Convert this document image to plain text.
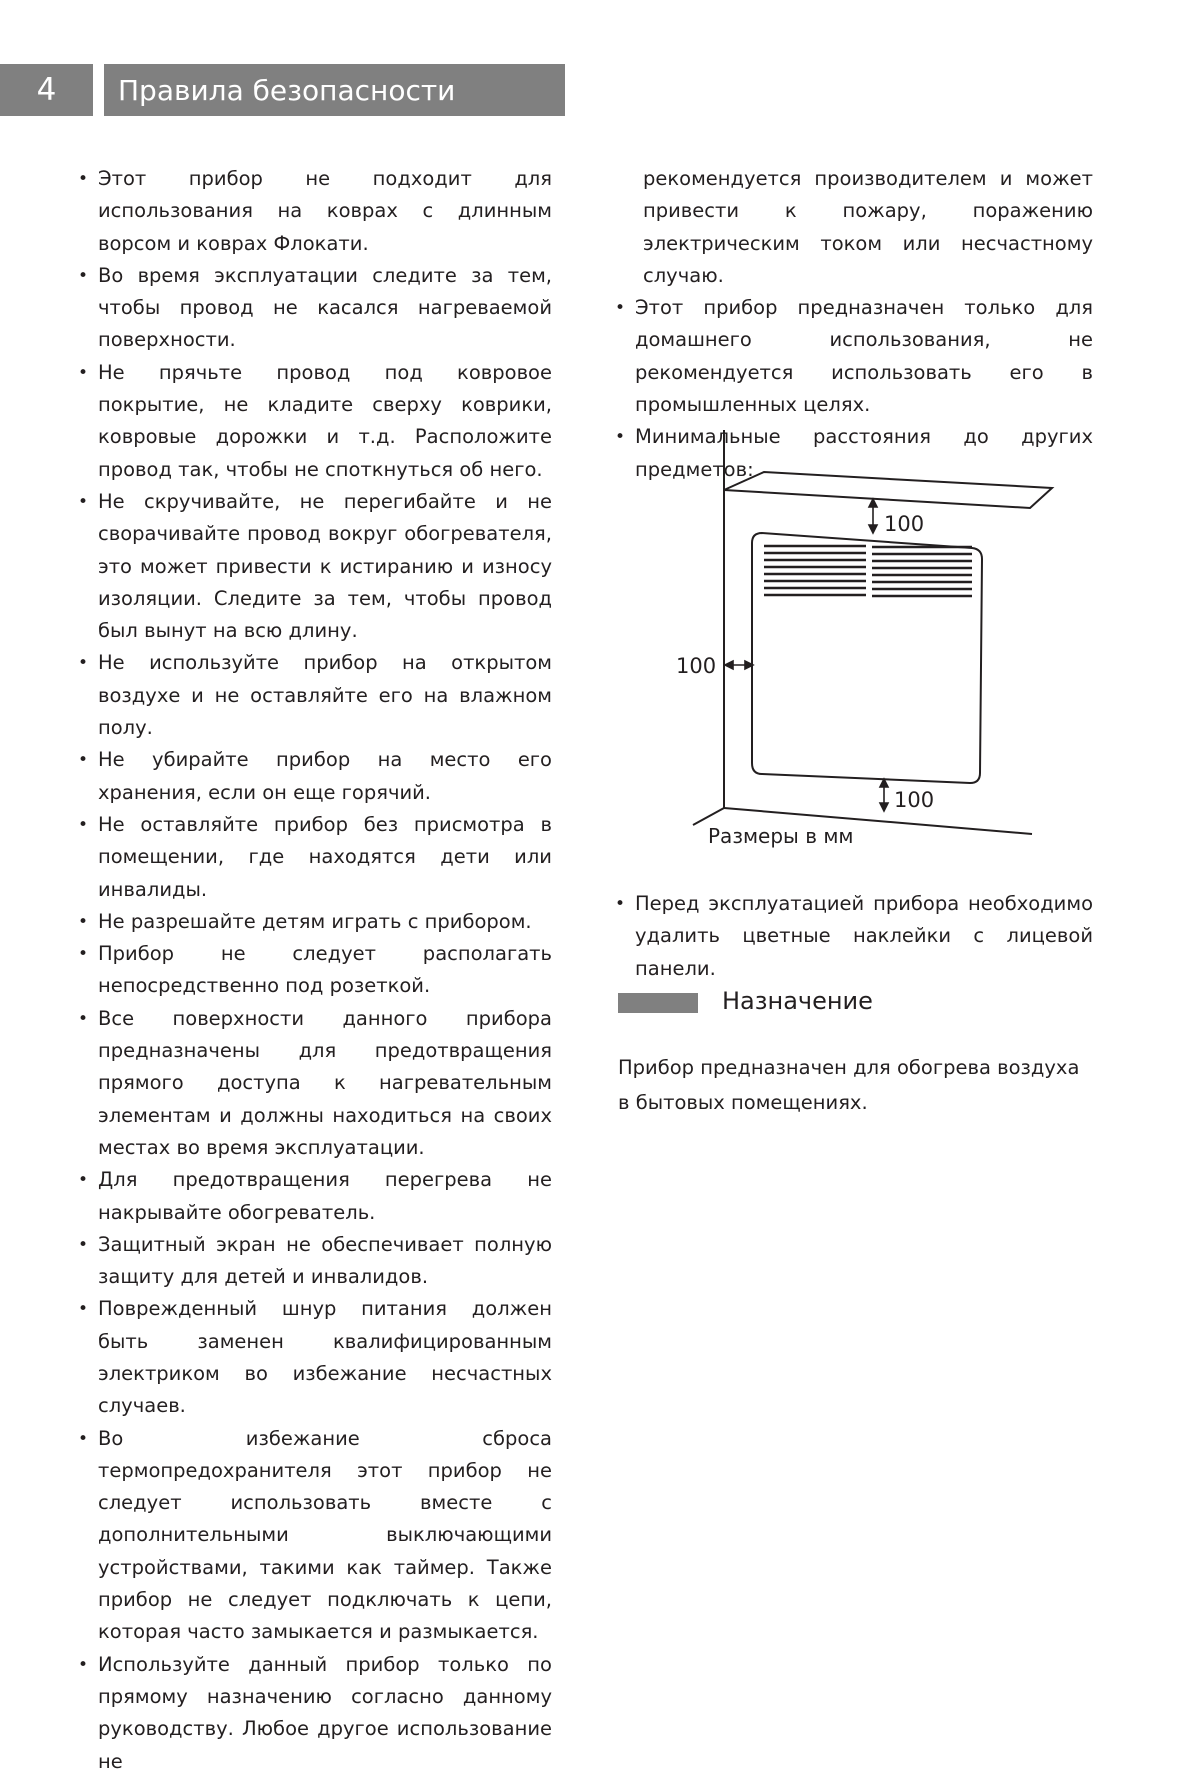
4	Правила безопасности
• Этот прибор не подходит для использования на коврах с длинным ворсом и коврах Флокати.
• Во время эксплуатации следите за тем, чтобы провод не касался нагреваемой поверхности.
• Не прячьте провод под ковровое покрытие, не кладите сверху коврики, ковровые дорожки и т.д. Расположите провод так, чтобы не споткнуться об него.
• Не скручивайте, не перегибайте и не сворачивайте провод вокруг обогревателя, это может привести к истиранию и износу изоляции. Следите за тем, чтобы провод был вынут на всю длину.
• Не используйте прибор на открытом воздухе и не оставляйте его на влажном полу.
• Не убирайте прибор на место его хранения, если он еще горячий.
• Не оставляйте прибор без присмотра в помещении, где находятся дети или инвалиды.
• Не разрешайте детям играть с прибором.
• Прибор не следует располагать непосредственно под розеткой.
• Все поверхности данного прибора предназначены для предотвращения прямого доступа к нагревательным элементам и должны находиться на своих местах во время эксплуатации.
• Для предотвращения перегрева не накрывайте обогреватель.
• Защитный экран не обеспечивает полную защиту для детей и инвалидов.
• Поврежденный шнур питания должен быть заменен квалифицированным электриком во избежание несчастных случаев.
• Во избежание сброса термопредохранителя этот прибор не следует использовать вместе с дополнительными выключающими устройствами, такими как таймер. Также прибор не следует подключать к цепи, которая часто замыкается и размыкается.
• Используйте данный прибор только по прямому назначению согласно данному руководству. Любое другое использование не
рекомендуется производителем и может привести к пожару, поражению электрическим током или несчастному случаю.
• Этот прибор предназначен только для домашнего использования, не рекомендуется использовать его в промышленных целях.
• Минимальные расстояния до других предметов:
100
100
100
Размеры в мм
• Перед эксплуатацией прибора необходимо удалить цветные наклейки с лицевой панели.
Назначение
Прибор предназначен для обогрева воздуха в бытовых помещениях.
